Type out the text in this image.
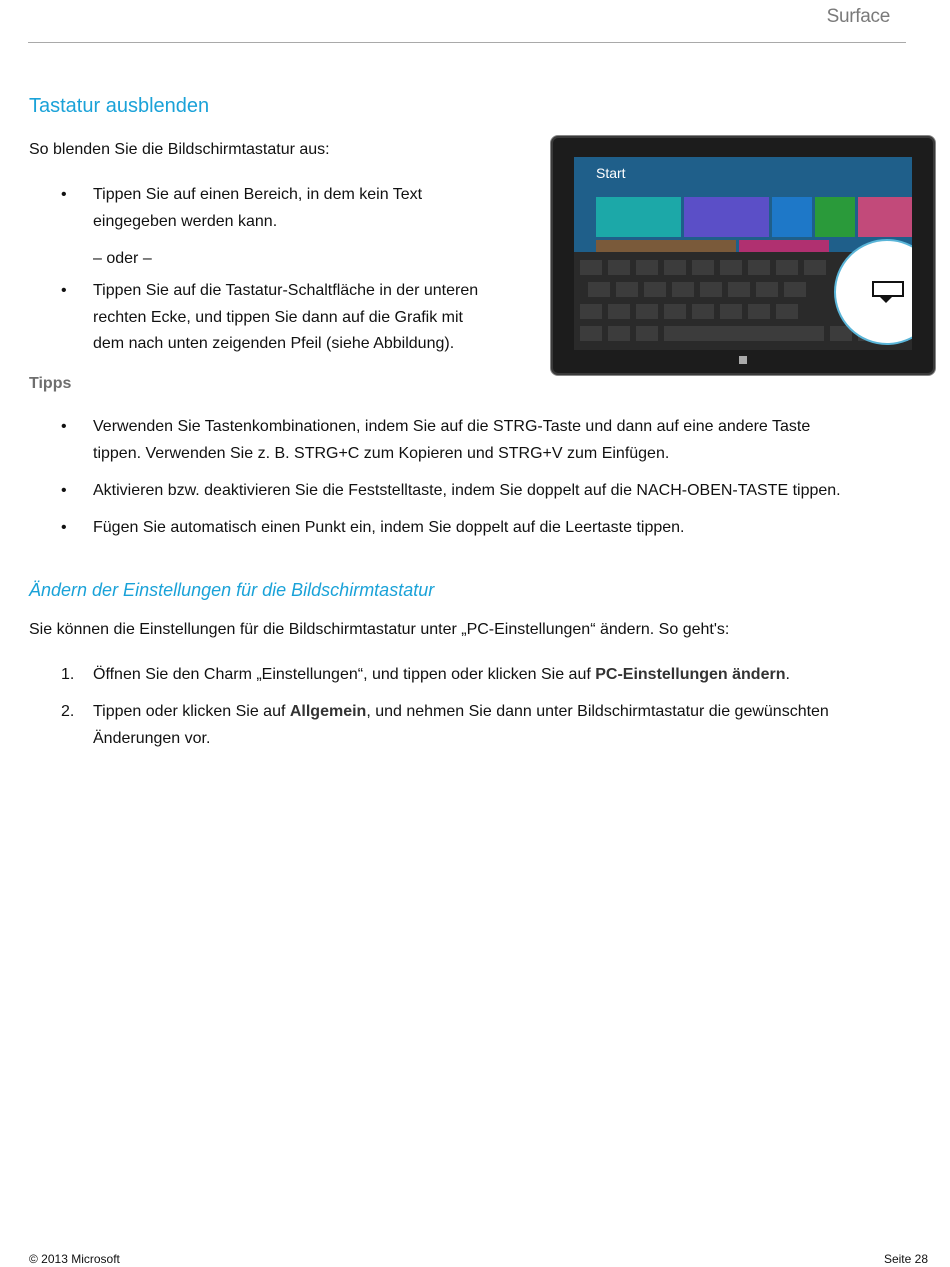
Surface
Tastatur ausblenden
So blenden Sie die Bildschirmtastatur aus:
• Tippen Sie auf einen Bereich, in dem kein Text
eingegeben werden kann.
– oder –
• Tippen Sie auf die Tastatur-Schaltfläche in der unteren
rechten Ecke, und tippen Sie dann auf die Grafik mit
dem nach unten zeigenden Pfeil (siehe Abbildung).
Start
Tipps
• Verwenden Sie Tastenkombinationen, indem Sie auf die STRG-Taste und dann auf eine andere Taste
tippen. Verwenden Sie z. B. STRG+C zum Kopieren und STRG+V zum Einfügen.
• Aktivieren bzw. deaktivieren Sie die Feststelltaste, indem Sie doppelt auf die NACH-OBEN-TASTE tippen.
• Fügen Sie automatisch einen Punkt ein, indem Sie doppelt auf die Leertaste tippen.
Ändern der Einstellungen für die Bildschirmtastatur
Sie können die Einstellungen für die Bildschirmtastatur unter „PC-Einstellungen“ ändern. So geht's:
1. Öffnen Sie den Charm „Einstellungen“, und tippen oder klicken Sie auf PC-Einstellungen ändern.
2. Tippen oder klicken Sie auf Allgemein, und nehmen Sie dann unter Bildschirmtastatur die gewünschten
Änderungen vor.
© 2013 Microsoft	Seite 28
